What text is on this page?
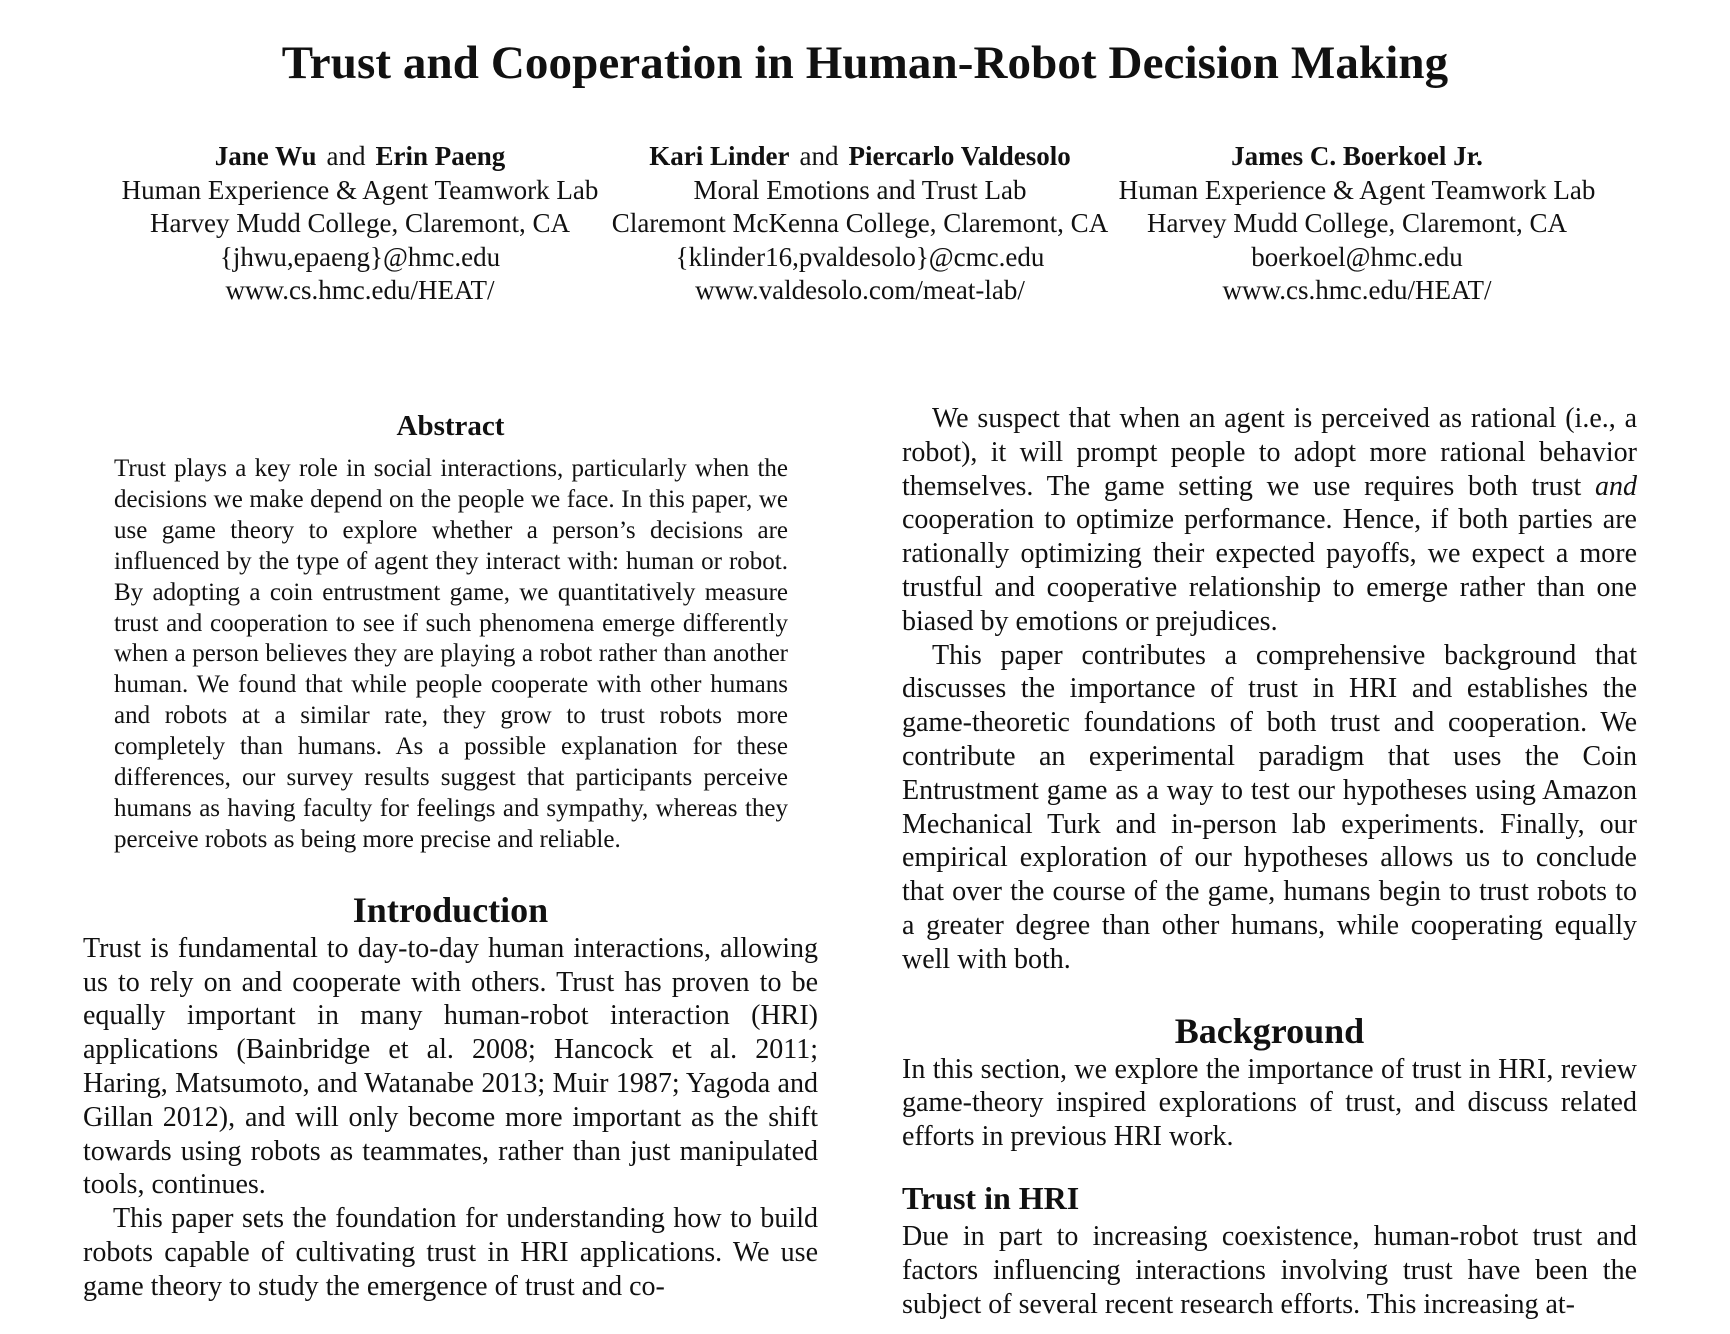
Trust and Cooperation in Human-Robot Decision Making
Jane Wu and Erin Paeng
Human Experience & Agent Teamwork Lab
Harvey Mudd College, Claremont, CA
{jhwu,epaeng}@hmc.edu
www.cs.hmc.edu/HEAT/
Kari Linder and Piercarlo Valdesolo
Moral Emotions and Trust Lab
Claremont McKenna College, Claremont, CA
{klinder16,pvaldesolo}@cmc.edu
www.valdesolo.com/meat-lab/
James C. Boerkoel Jr.
Human Experience & Agent Teamwork Lab
Harvey Mudd College, Claremont, CA
boerkoel@hmc.edu
www.cs.hmc.edu/HEAT/
Abstract

Trust plays a key role in social interactions, particularly when the decisions we make depend on the people we face. In this paper, we use game theory to explore whether a person’s decisions are influenced by the type of agent they interact with: human or robot. By adopting a coin entrustment game, we quantitatively measure trust and cooperation to see if such phenomena emerge differently when a person believes they are playing a robot rather than another human. We found that while people cooperate with other humans and robots at a similar rate, they grow to trust robots more completely than humans. As a possible explanation for these differences, our survey results suggest that participants perceive humans as having faculty for feelings and sympathy, whereas they perceive robots as being more precise and reliable.

Introduction

Trust is fundamental to day-to-day human interactions, allowing us to rely on and cooperate with others. Trust has proven to be equally important in many human-robot interaction (HRI) applications (Bainbridge et al. 2008; Hancock et al. 2011; Haring, Matsumoto, and Watanabe 2013; Muir 1987; Yagoda and Gillan 2012), and will only become more important as the shift towards using robots as teammates, rather than just manipulated tools, continues.

This paper sets the foundation for understanding how to build robots capable of cultivating trust in HRI applications. We use game theory to study the emergence of trust and co-

We suspect that when an agent is perceived as rational (i.e., a robot), it will prompt people to adopt more rational behavior themselves. The game setting we use requires both trust and cooperation to optimize performance. Hence, if both parties are rationally optimizing their expected payoffs, we expect a more trustful and cooperative relationship to emerge rather than one biased by emotions or prejudices.

This paper contributes a comprehensive background that discusses the importance of trust in HRI and establishes the game-theoretic foundations of both trust and cooperation. We contribute an experimental paradigm that uses the Coin Entrustment game as a way to test our hypotheses using Amazon Mechanical Turk and in-person lab experiments. Finally, our empirical exploration of our hypotheses allows us to conclude that over the course of the game, humans begin to trust robots to a greater degree than other humans, while cooperating equally well with both.

Background

In this section, we explore the importance of trust in HRI, review game-theory inspired explorations of trust, and discuss related efforts in previous HRI work.

Trust in HRI

Due in part to increasing coexistence, human-robot trust and factors influencing interactions involving trust have been the subject of several recent research efforts. This increasing at-
